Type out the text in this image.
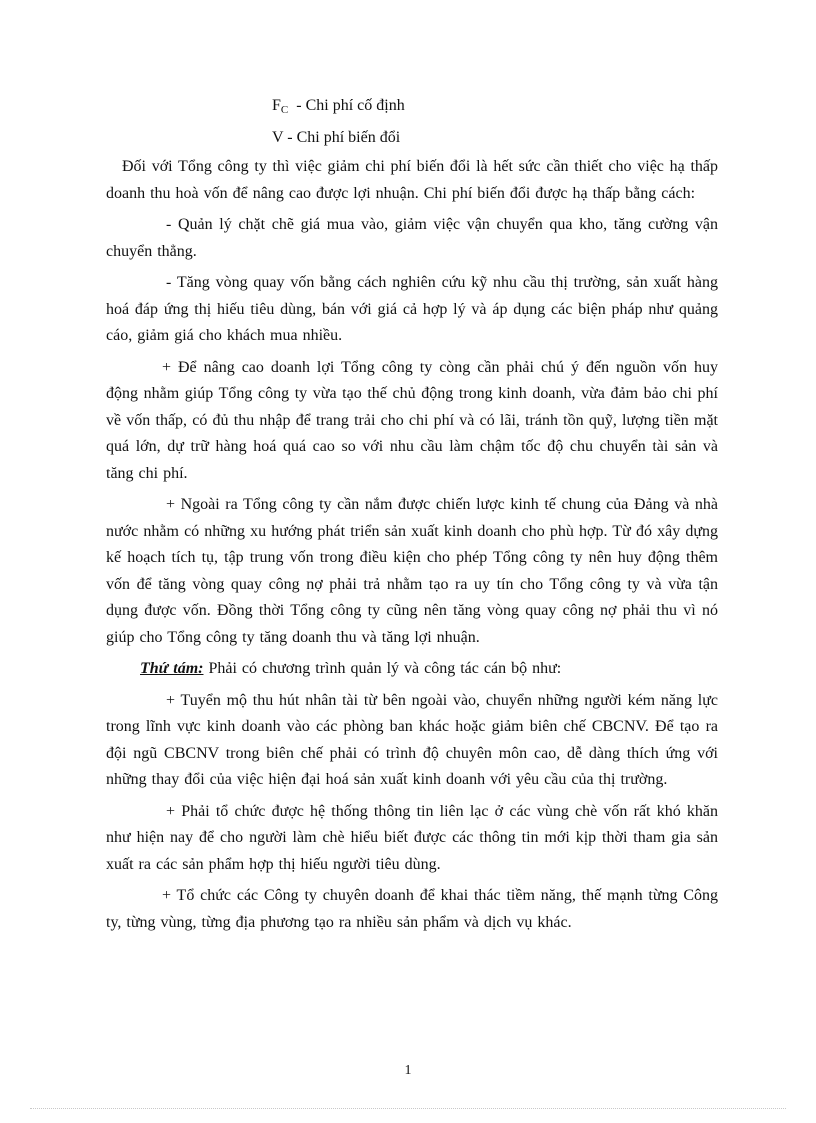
$F_C$  - Chi phí cố định
V - Chi phí biến đổi

Đối với Tổng công ty thì việc giảm chi phí biến đổi là hết sức cần thiết cho việc hạ thấp doanh thu hoà vốn để nâng cao được lợi nhuận. Chi phí biến đổi được hạ thấp bằng cách:

- Quản lý chặt chẽ giá mua vào, giảm việc vận chuyển qua kho, tăng cường vận chuyển thẳng.

- Tăng vòng quay vốn bằng cách nghiên cứu kỹ nhu cầu thị trường, sản xuất hàng hoá đáp ứng thị hiếu tiêu dùng, bán với giá cả hợp lý và áp dụng các biện pháp như quảng cáo, giảm giá cho khách mua nhiều.

+ Để nâng cao doanh lợi Tổng công ty còng cần phải chú ý đến nguồn vốn huy động nhằm giúp Tổng công ty vừa tạo thế chủ động trong kinh doanh, vừa đảm bảo chi phí về vốn thấp, có đủ thu nhập để trang trải cho chi phí và có lãi, tránh tồn quỹ, lượng tiền mặt quá lớn, dự trữ hàng hoá quá cao so với nhu cầu làm chậm tốc độ chu chuyển tài sản và tăng chi phí.

+ Ngoài ra Tổng công ty cần nắm được chiến lược kinh tế chung của Đảng và nhà nước nhằm có những xu hướng phát triển sản xuất kinh doanh cho phù hợp. Từ đó xây dựng kế hoạch tích tụ, tập trung vốn trong điều kiện cho phép Tổng công ty nên huy động thêm vốn để tăng vòng quay công nợ phải trả nhằm tạo ra uy tín cho Tổng công ty và vừa tận dụng được vốn. Đồng thời Tổng công ty cũng nên tăng vòng quay công nợ phải thu vì nó giúp cho Tổng công ty tăng doanh thu và tăng lợi nhuận.

Thứ tám: Phải có chương trình quản lý và công tác cán bộ như:

+ Tuyển mộ thu hút nhân tài từ bên ngoài vào, chuyển những người kém năng lực trong lĩnh vực kinh doanh vào các phòng ban khác hoặc giảm biên chế CBCNV. Để tạo ra đội ngũ CBCNV trong biên chế phải có trình độ chuyên môn cao, dễ dàng thích ứng với những thay đổi của việc hiện đại hoá sản xuất kinh doanh với yêu cầu của thị trường.

+ Phải tổ chức được hệ thống thông tin liên lạc ở các vùng chè vốn rất khó khăn như hiện nay để cho người làm chè hiểu biết được các thông tin mới kịp thời tham gia sản xuất ra các sản phẩm hợp thị hiếu người tiêu dùng.

+ Tổ chức các Công ty chuyên doanh để khai thác tiềm năng, thế mạnh từng Công ty, từng vùng, từng địa phương tạo ra nhiều sản phẩm và dịch vụ khác.

1
